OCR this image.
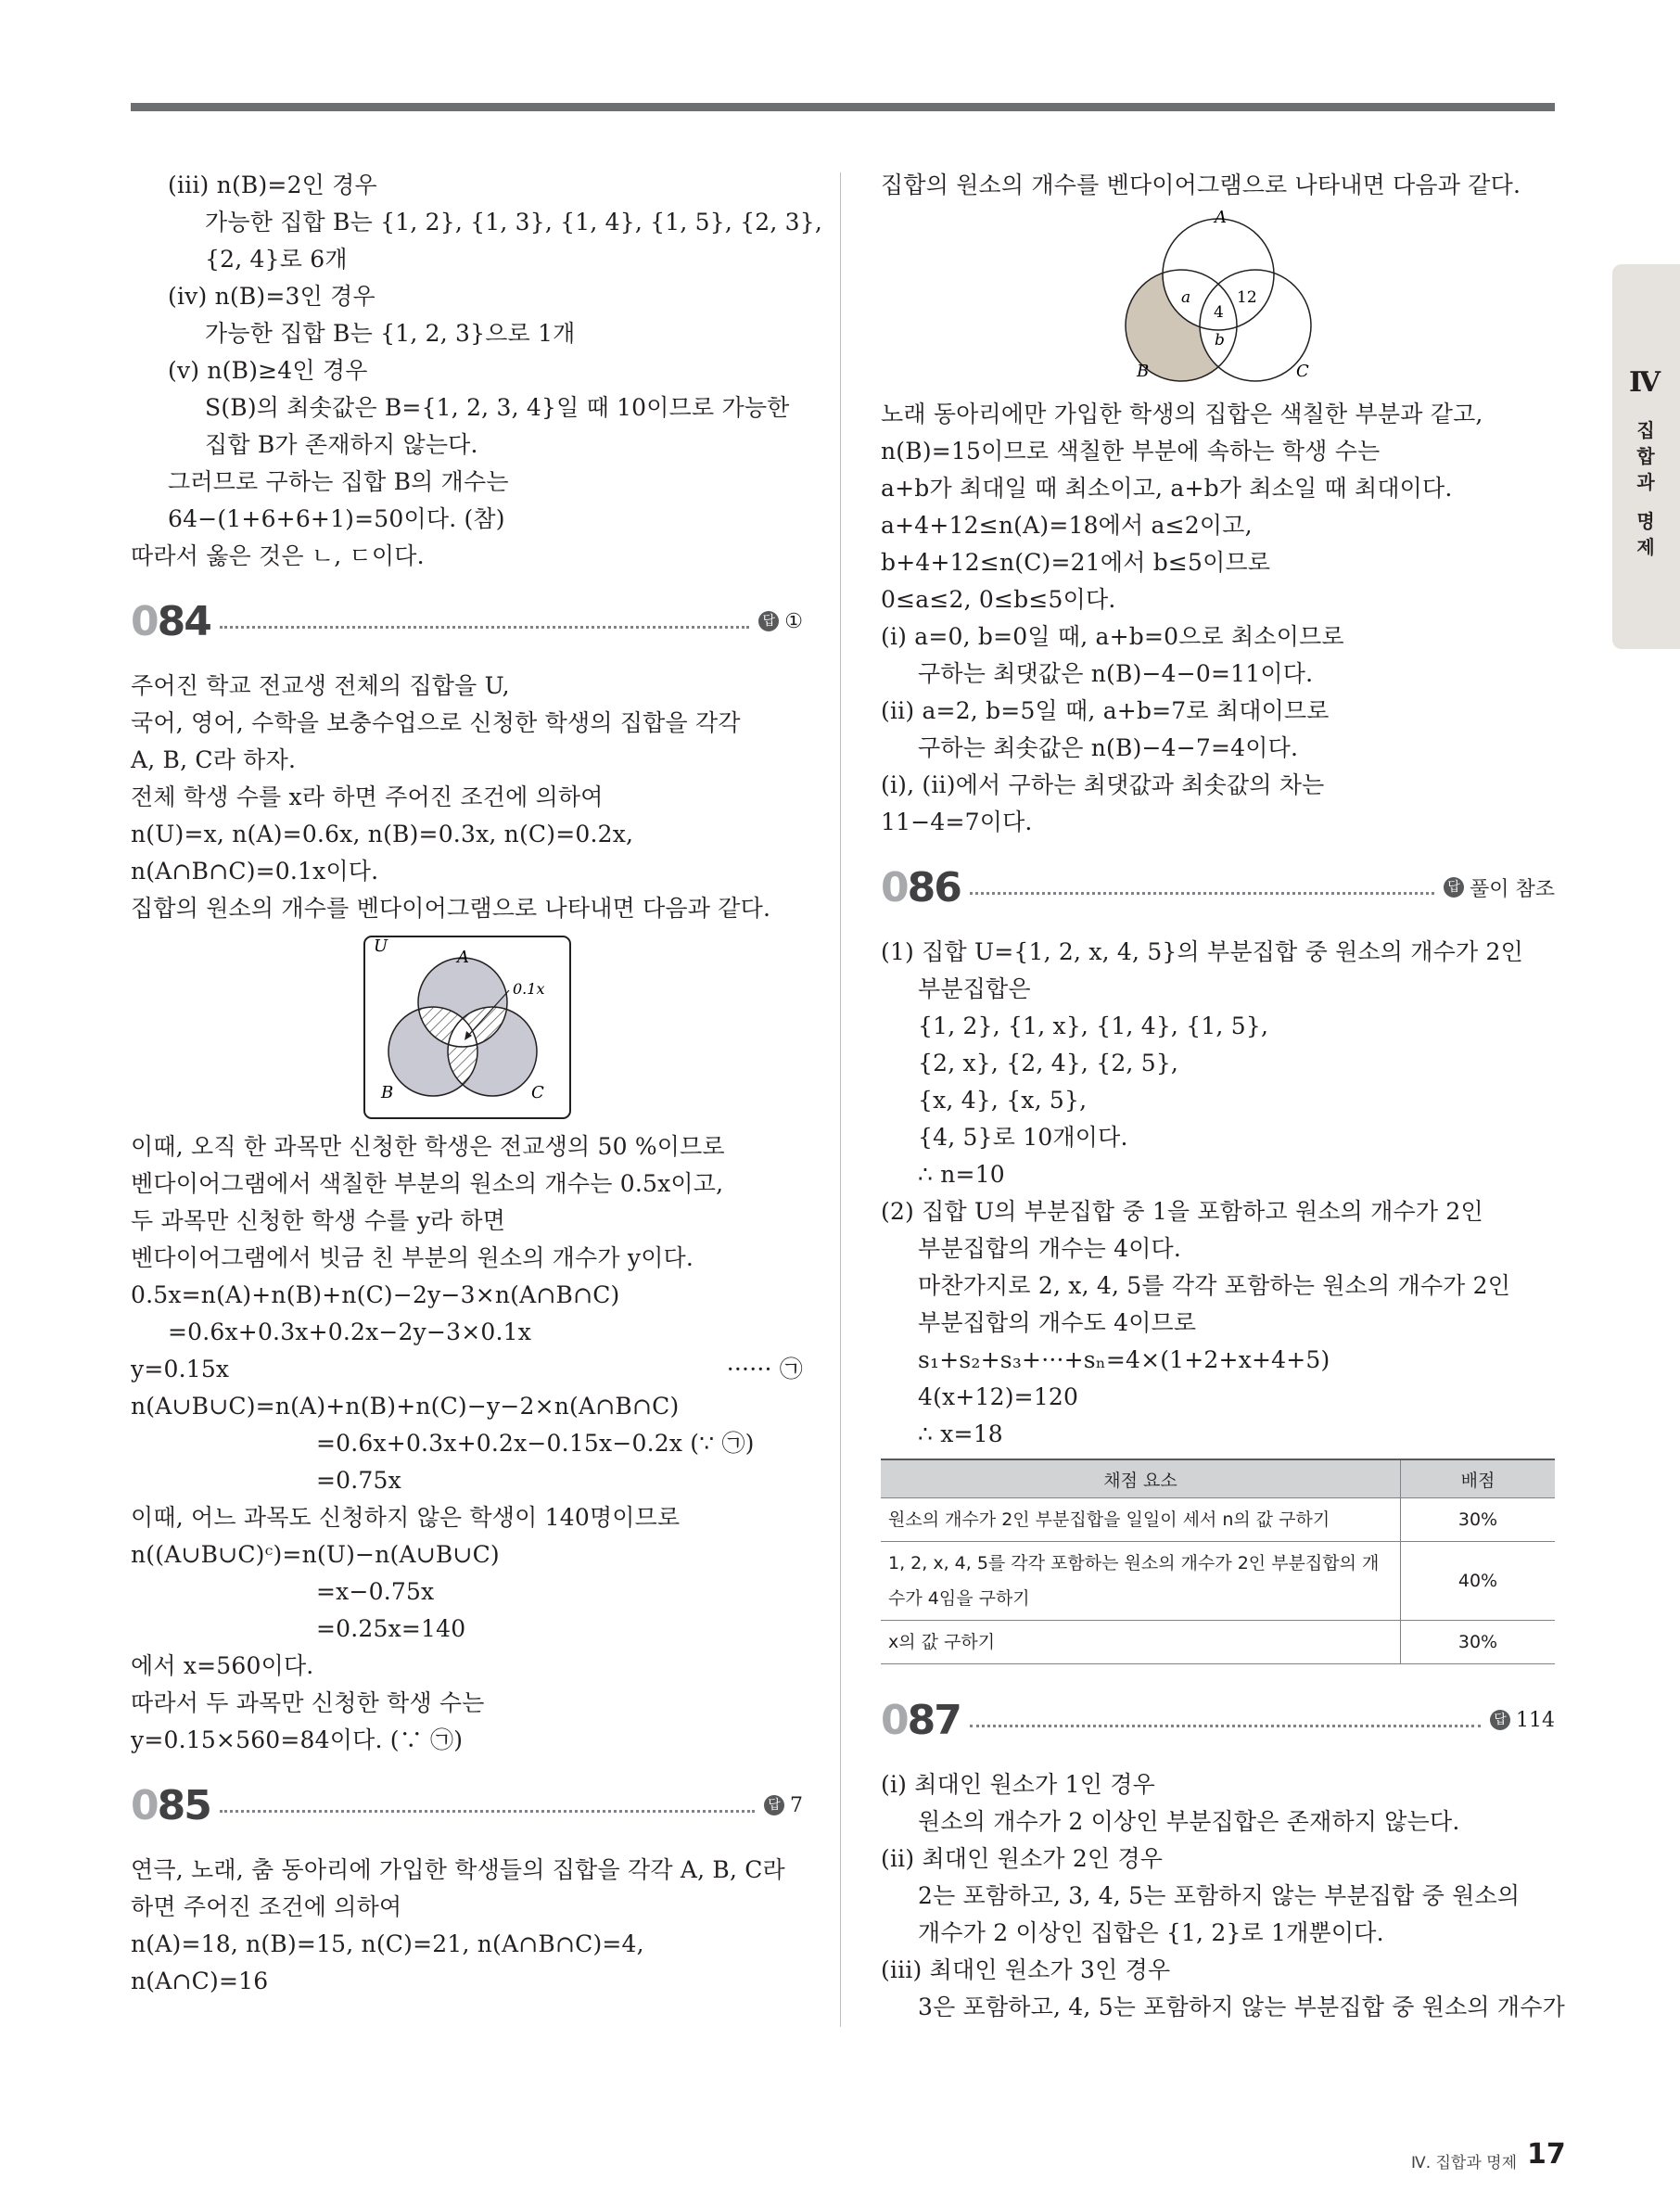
(iii) n(B)=2인 경우
가능한 집합 B는 {1, 2}, {1, 3}, {1, 4}, {1, 5}, {2, 3},
{2, 4}로 6개
(iv) n(B)=3인 경우
가능한 집합 B는 {1, 2, 3}으로 1개
(v) n(B)≥4인 경우
S(B)의 최솟값은 B={1, 2, 3, 4}일 때 10이므로 가능한
집합 B가 존재하지 않는다.
그러므로 구하는 집합 B의 개수는
64−(1+6+6+1)=50이다. (참)
따라서 옳은 것은 ㄴ, ㄷ이다.
084	답 ①
주어진 학교 전교생 전체의 집합을 U,
국어, 영어, 수학을 보충수업으로 신청한 학생의 집합을 각각
A, B, C라 하자.
전체 학생 수를 x라 하면 주어진 조건에 의하여
n(U)=x, n(A)=0.6x, n(B)=0.3x, n(C)=0.2x,
n(A∩B∩C)=0.1x이다.
집합의 원소의 개수를 벤다이어그램으로 나타내면 다음과 같다.
U
A
B	C
0.1x
이때, 오직 한 과목만 신청한 학생은 전교생의 50 %이므로
벤다이어그램에서 색칠한 부분의 원소의 개수는 0.5x이고,
두 과목만 신청한 학생 수를 y라 하면
벤다이어그램에서 빗금 친 부분의 원소의 개수가 y이다.
0.5x=n(A)+n(B)+n(C)−2y−3×n(A∩B∩C)
=0.6x+0.3x+0.2x−2y−3×0.1x
y=0.15x	······ ㉠
n(A∪B∪C)=n(A)+n(B)+n(C)−y−2×n(A∩B∩C)
=0.6x+0.3x+0.2x−0.15x−0.2x (∵ ㉠)
=0.75x
이때, 어느 과목도 신청하지 않은 학생이 140명이므로
n((A∪B∪C)ᶜ)=n(U)−n(A∪B∪C)
=x−0.75x
=0.25x=140
에서 x=560이다.
따라서 두 과목만 신청한 학생 수는
y=0.15×560=84이다. (∵ ㉠)
085	답 7
연극, 노래, 춤 동아리에 가입한 학생들의 집합을 각각 A, B, C라
하면 주어진 조건에 의하여
n(A)=18, n(B)=15, n(C)=21, n(A∩B∩C)=4,
n(A∩C)=16
집합의 원소의 개수를 벤다이어그램으로 나타내면 다음과 같다.
A
B	C
a	12
4
b
노래 동아리에만 가입한 학생의 집합은 색칠한 부분과 같고,
n(B)=15이므로 색칠한 부분에 속하는 학생 수는
a+b가 최대일 때 최소이고, a+b가 최소일 때 최대이다.
a+4+12≤n(A)=18에서 a≤2이고,
b+4+12≤n(C)=21에서 b≤5이므로
0≤a≤2, 0≤b≤5이다.
(i) a=0, b=0일 때, a+b=0으로 최소이므로
구하는 최댓값은 n(B)−4−0=11이다.
(ii) a=2, b=5일 때, a+b=7로 최대이므로
구하는 최솟값은 n(B)−4−7=4이다.
(i), (ii)에서 구하는 최댓값과 최솟값의 차는
11−4=7이다.
086	답 풀이 참조
(1) 집합 U={1, 2, x, 4, 5}의 부분집합 중 원소의 개수가 2인
부분집합은
{1, 2}, {1, x}, {1, 4}, {1, 5},
{2, x}, {2, 4}, {2, 5},
{x, 4}, {x, 5},
{4, 5}로 10개이다.
∴ n=10
(2) 집합 U의 부분집합 중 1을 포함하고 원소의 개수가 2인
부분집합의 개수는 4이다.
마찬가지로 2, x, 4, 5를 각각 포함하는 원소의 개수가 2인
부분집합의 개수도 4이므로
s₁+s₂+s₃+···+sₙ=4×(1+2+x+4+5)
4(x+12)=120
∴ x=18
채점 요소	배점
원소의 개수가 2인 부분집합을 일일이 세서 n의 값 구하기	30%
1, 2, x, 4, 5를 각각 포함하는 원소의 개수가 2인 부분집합의 개수가 4임을 구하기	40%
x의 값 구하기	30%
087	답 114
(i) 최대인 원소가 1인 경우
원소의 개수가 2 이상인 부분집합은 존재하지 않는다.
(ii) 최대인 원소가 2인 경우
2는 포함하고, 3, 4, 5는 포함하지 않는 부분집합 중 원소의
개수가 2 이상인 집합은 {1, 2}로 1개뿐이다.
(iii) 최대인 원소가 3인 경우
3은 포함하고, 4, 5는 포함하지 않는 부분집합 중 원소의 개수가
Ⅳ
집
합
과
명
제
Ⅳ. 집합과 명제 17
